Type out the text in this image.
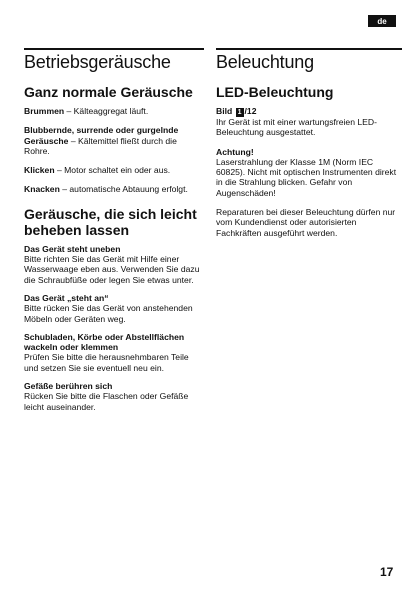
de
Betriebsgeräusche
Ganz normale Geräusche

Brummen – Kälteaggregat läuft.

Blubbernde, surrende oder gurgelnde Geräusche – Kältemittel fließt durch die Rohre.

Klicken – Motor schaltet ein oder aus.

Knacken – automatische Abtauung erfolgt.

Geräusche, die sich leicht beheben lassen

Das Gerät steht uneben

Bitte richten Sie das Gerät mit Hilfe einer Wasserwaage eben aus. Verwenden Sie dazu die Schraubfüße oder legen Sie etwas unter.

Das Gerät „steht an“

Bitte rücken Sie das Gerät von anstehenden Möbeln oder Geräten weg.

Schubladen, Körbe oder Abstellflächen wackeln oder klemmen

Prüfen Sie bitte die herausnehmbaren Teile und setzen Sie sie eventuell neu ein.

Gefäße berühren sich

Rücken Sie bitte die Flaschen oder Gefäße leicht auseinander.

Beleuchtung
LED-Beleuchtung

Bild 1 /12

Ihr Gerät ist mit einer wartungsfreien LED-Beleuchtung ausgestattet.

Achtung!

Laserstrahlung der Klasse 1M (Norm IEC 60825). Nicht mit optischen Instrumenten direkt in die Strahlung blicken. Gefahr von Augenschäden!

Reparaturen bei dieser Beleuchtung dürfen nur vom Kundendienst oder autorisierten Fachkräften ausgeführt werden.

17
